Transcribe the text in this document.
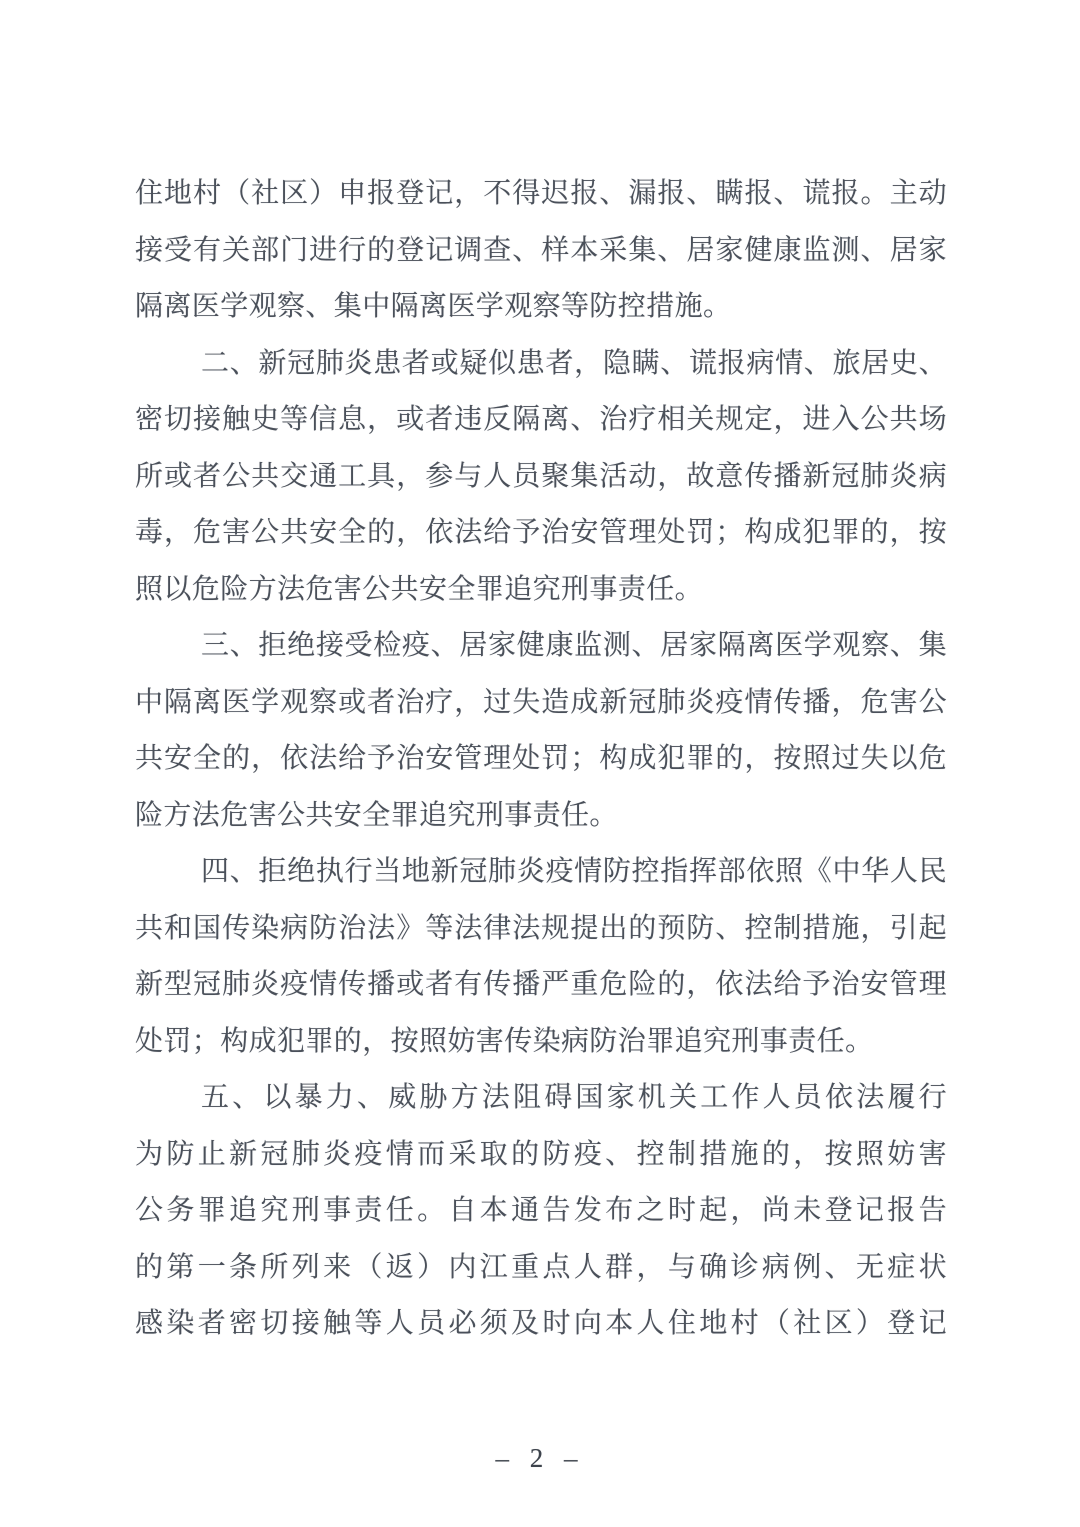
住地村（社区）申报登记，不得迟报、漏报、瞒报、谎报。主动
接受有关部门进行的登记调查、样本采集、居家健康监测、居家
隔离医学观察、集中隔离医学观察等防控措施。
二、新冠肺炎患者或疑似患者，隐瞒、谎报病情、旅居史、
密切接触史等信息，或者违反隔离、治疗相关规定，进入公共场
所或者公共交通工具，参与人员聚集活动，故意传播新冠肺炎病
毒，危害公共安全的，依法给予治安管理处罚；构成犯罪的，按
照以危险方法危害公共安全罪追究刑事责任。
三、拒绝接受检疫、居家健康监测、居家隔离医学观察、集
中隔离医学观察或者治疗，过失造成新冠肺炎疫情传播，危害公
共安全的，依法给予治安管理处罚；构成犯罪的，按照过失以危
险方法危害公共安全罪追究刑事责任。
四、拒绝执行当地新冠肺炎疫情防控指挥部依照《中华人民
共和国传染病防治法》等法律法规提出的预防、控制措施，引起
新型冠肺炎疫情传播或者有传播严重危险的，依法给予治安管理
处罚；构成犯罪的，按照妨害传染病防治罪追究刑事责任。
五、以暴力、威胁方法阻碍国家机关工作人员依法履行
为防止新冠肺炎疫情而采取的防疫、控制措施的，按照妨害
公务罪追究刑事责任。自本通告发布之时起，尚未登记报告
的第一条所列来（返）内江重点人群，与确诊病例、无症状
感染者密切接触等人员必须及时向本人住地村（社区）登记
– 2 –
